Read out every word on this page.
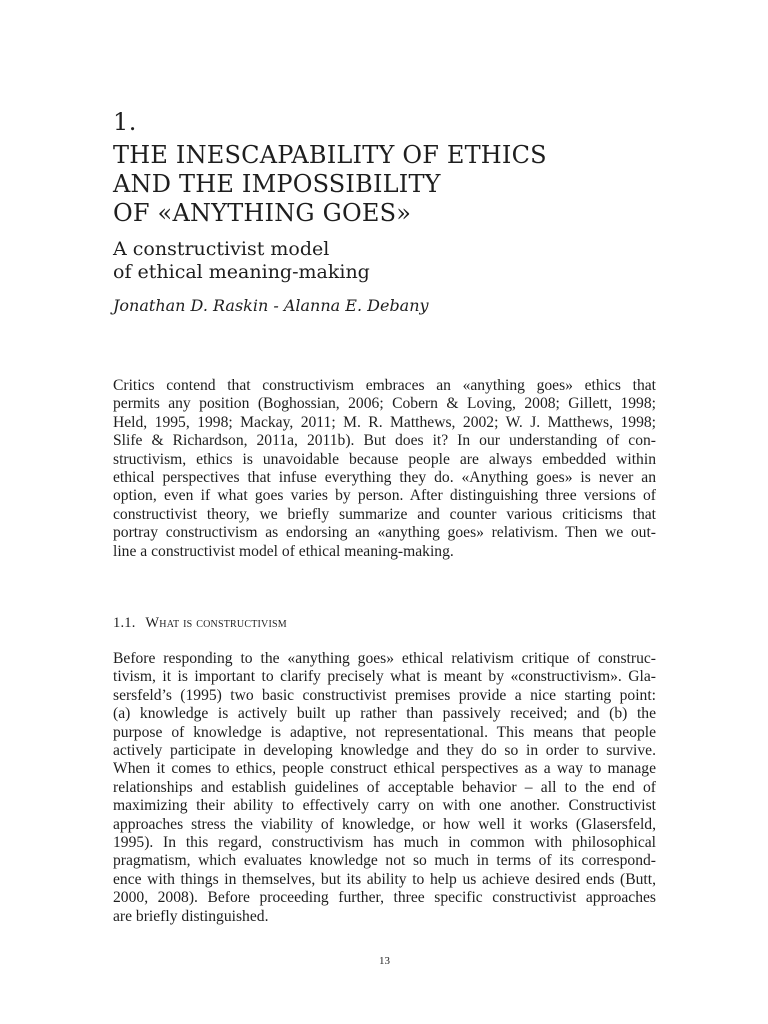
1.
THE INESCAPABILITY OF ETHICS
AND THE IMPOSSIBILITY
OF «ANYTHING GOES»
A constructivist model
of ethical meaning-making
Jonathan D. Raskin - Alanna E. Debany

Critics contend that constructivism embraces an «anything goes» ethics that
permits any position (Boghossian, 2006; Cobern & Loving, 2008; Gillett, 1998;
Held, 1995, 1998; Mackay, 2011; M. R. Matthews, 2002; W. J. Matthews, 1998;
Slife & Richardson, 2011a, 2011b). But does it? In our understanding of con-
structivism, ethics is unavoidable because people are always embedded within
ethical perspectives that infuse everything they do. «Anything goes» is never an
option, even if what goes varies by person. After distinguishing three versions of
constructivist theory, we briefly summarize and counter various criticisms that
portray constructivism as endorsing an «anything goes» relativism. Then we out-
line a constructivist model of ethical meaning-making.

1.1. What is constructivism

Before responding to the «anything goes» ethical relativism critique of construc-
tivism, it is important to clarify precisely what is meant by «constructivism». Gla-
sersfeld’s (1995) two basic constructivist premises provide a nice starting point:
(a) knowledge is actively built up rather than passively received; and (b) the
purpose of knowledge is adaptive, not representational. This means that people
actively participate in developing knowledge and they do so in order to survive.
When it comes to ethics, people construct ethical perspectives as a way to manage
relationships and establish guidelines of acceptable behavior – all to the end of
maximizing their ability to effectively carry on with one another. Constructivist
approaches stress the viability of knowledge, or how well it works (Glasersfeld,
1995). In this regard, constructivism has much in common with philosophical
pragmatism, which evaluates knowledge not so much in terms of its correspond-
ence with things in themselves, but its ability to help us achieve desired ends (Butt,
2000, 2008). Before proceeding further, three specific constructivist approaches
are briefly distinguished.

13
